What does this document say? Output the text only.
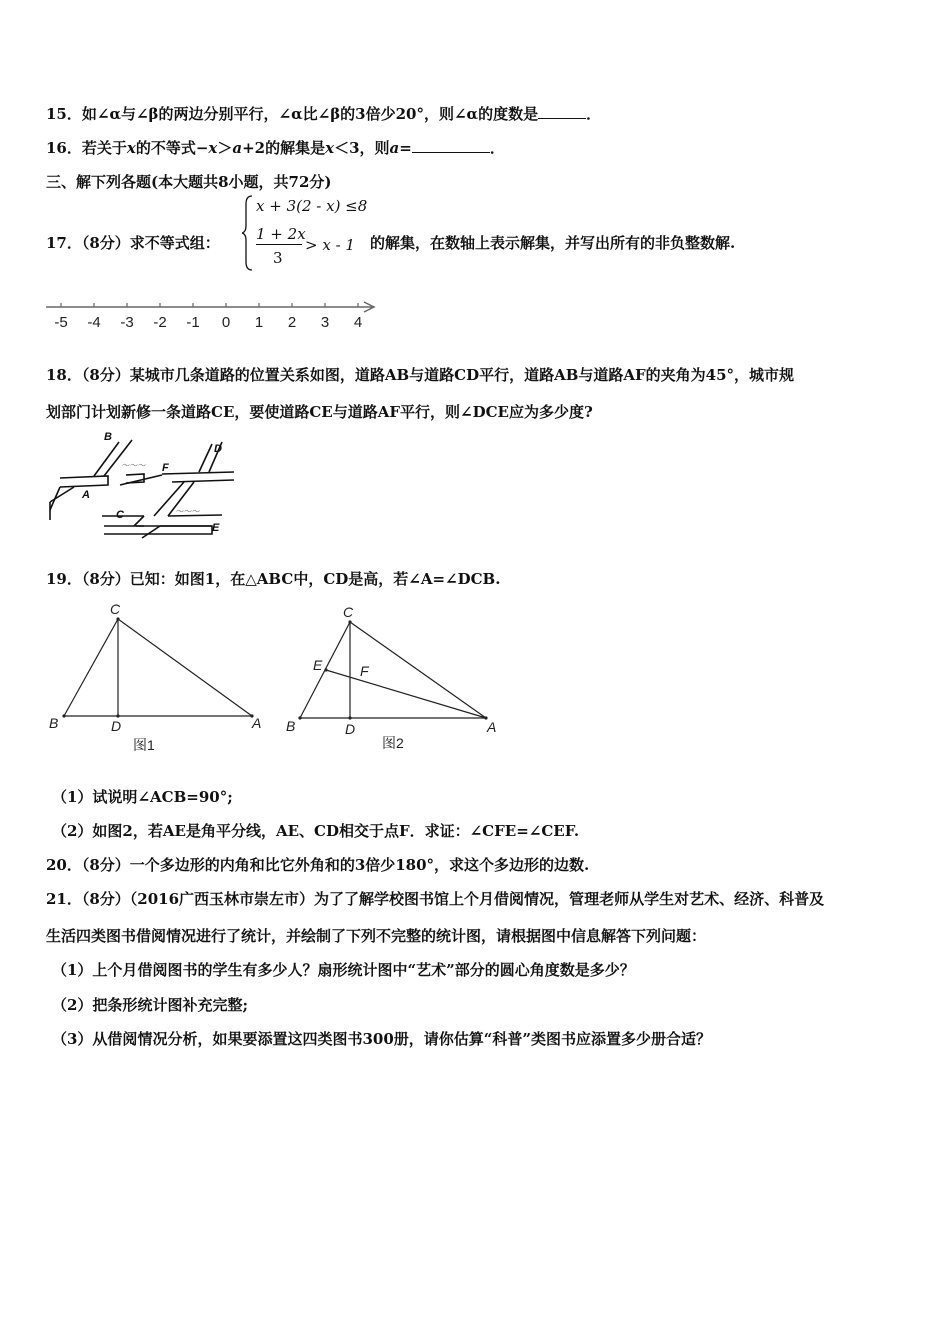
15．如∠α与∠β的两边分别平行，∠α比∠β的3倍少20°，则∠α的度数是	．
16．若关于x的不等式−x＞a+2的解集是x＜3，则a=	．
三、解下列各题(本大题共8小题，共72分)
17．（8分）求不等式组：
x + 3(2 - x) ≤8
1 + 2x
3
> x - 1 的解集，在数轴上表示解集，并写出所有的非负整数解.
-5 -4 -3 -2 -1 0 1 2 3 4
18．（8分）某城市几条道路的位置关系如图，道路AB与道路CD平行，道路AB与道路AF的夹角为45°，城市规
划部门计划新修一条道路CE，要使道路CE与道路AF平行，则∠DCE应为多少度?
～～～
～～～
B
D
F
A
C
E
19．（8分）已知：如图1，在△ABC中，CD是高，若∠A=∠DCB.
C
B	D	A
图1
C
E	F
B	D	A
图2
（1）试说明∠ACB=90°;
（2）如图2，若AE是角平分线，AE、CD相交于点F．求证：∠CFE=∠CEF.
20．（8分）一个多边形的内角和比它外角和的3倍少180°，求这个多边形的边数.
21．（8分）（2016广西玉林市崇左市）为了了解学校图书馆上个月借阅情况，管理老师从学生对艺术、经济、科普及
生活四类图书借阅情况进行了统计，并绘制了下列不完整的统计图，请根据图中信息解答下列问题：
（1）上个月借阅图书的学生有多少人？扇形统计图中“艺术”部分的圆心角度数是多少？
（2）把条形统计图补充完整;
（3）从借阅情况分析，如果要添置这四类图书300册，请你估算“科普”类图书应添置多少册合适？
